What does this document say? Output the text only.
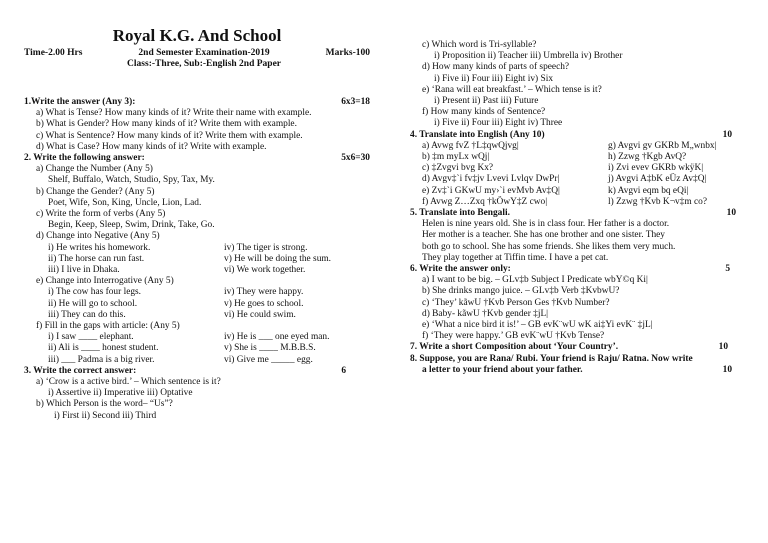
Royal K.G. And School
Time-2.00 Hrs	2nd Semester Examination-2019
Class:-Three, Sub:-English 2nd Paper
Marks-100
1.Write the answer (Any 3):	6x3=18
a) What is Tense? How many kinds of it? Write their name with example.
b) What is Gender? How many kinds of it? Write them with example.
c) What is Sentence? How many kinds of it? Write them with example.
d) What is Case? How many kinds of it? Write with example.
2. Write the following answer:	5x6=30
a) Change the Number (Any 5)
Shelf, Buffalo, Watch, Studio, Spy, Tax, My.
b) Change the Gender? (Any 5)
Poet, Wife, Son, King, Uncle, Lion, Lad.
c) Write the form of verbs (Any 5)
Begin, Keep, Sleep, Swim, Drink, Take, Go.
d) Change into Negative (Any 5)
i) He writes his homework.	iv) The tiger is strong.
ii) The horse can run fast.	v) He will be doing the sum.
iii) I live in Dhaka.	vi) We work together.
e) Change into Interrogative (Any 5)
i) The cow has four legs.	iv) They were happy.
ii) He will go to school.	v) He goes to school.
iii) They can do this.	vi) He could swim.
f) Fill in the gaps with article: (Any 5)
i) I saw ____ elephant.	iv) He is ___ one eyed man.
ii) Ali is ____ honest student.	v) She is ____ M.B.B.S.
iii) ___ Padma is a big river.	vi) Give me _____ egg.
3. Write the correct answer:	6
a) ‘Crow is a active bird.’ – Which sentence is it?
i) Assertive ii) Imperative iii) Optative
b) Which Person is the word– “Us”?
i) First ii) Second iii) Third
c) Which word is Tri-syllable?
i) Proposition ii) Teacher iii) Umbrella iv) Brother
d) How many kinds of parts of speech?
i) Five ii) Four iii) Eight iv) Six
e) ‘Rana will eat breakfast.’ – Which tense is it?
i) Present ii) Past iii) Future
f) How many kinds of Sentence?
i) Five ii) Four iii) Eight iv) Three
4. Translate into English (Any 10)	10
a) Avwg fvZ †L‡qwQjvg|	g) Avgvi gv GKRb M„wnbx|
b) ‡m myLx wQj|	h) Zzwg †Kgb AvQ?
c) ‡Zvgvi bvg Kx?	i) Zvi evev GKRb wkÿK|
d) Avgv‡`i fv‡jv Lvevi Lvlqv DwPr|	j) Avgvi A‡bK eÜz Av‡Q|
e) Zv‡`i GKwU my›`i evMvb Av‡Q|	k) Avgvi eqm bq eQi|
f) Avwg Z…Zxq †kÖwY‡Z cwo|	l) Zzwg †Kvb K¬v‡m co?
5. Translate into Bengali.	10
Helen is nine years old. She is in class four. Her father is a doctor.
Her mother is a teacher. She has one brother and one sister. They
both go to school. She has some friends. She likes them very much.
They play together at Tiffin time. I have a pet cat.
6. Write the answer only:	5
a) I want to be big. – GLv‡b Subject I Predicate wbY©q Ki|
b) She drinks mango juice. – GLv‡b Verb ‡KvbwU?
c) ‘They’ kãwU †Kvb Person Ges †Kvb Number?
d) Baby- kãwU †Kvb gender ‡jL|
e) ‘What a nice bird it is!’ – GB evK¨wU wK ai‡Yi evK¨ ‡jL|
f) ‘They were happy.’ GB evK¨wU †Kvb Tense?
7. Write a short Composition about ‘Your Country’.	10
8. Suppose, you are Rana/ Rubi. Your friend is Raju/ Ratna. Now write
a letter to your friend about your father.	10
